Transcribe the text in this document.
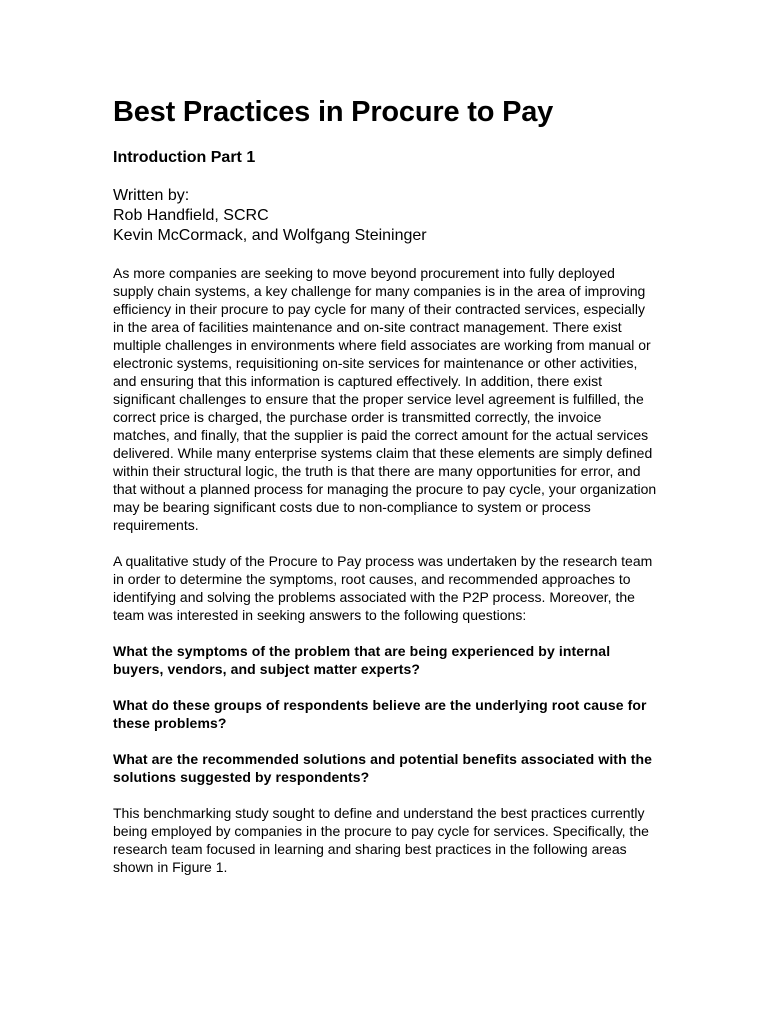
Best Practices in Procure to Pay
Introduction Part 1
Written by:
Rob Handfield, SCRC
Kevin McCormack, and Wolfgang Steininger

As more companies are seeking to move beyond procurement into fully deployed supply chain systems, a key challenge for many companies is in the area of improving efficiency in their procure to pay cycle for many of their contracted services, especially in the area of facilities maintenance and on-site contract management. There exist multiple challenges in environments where field associates are working from manual or electronic systems, requisitioning on-site services for maintenance or other activities, and ensuring that this information is captured effectively. In addition, there exist significant challenges to ensure that the proper service level agreement is fulfilled, the correct price is charged, the purchase order is transmitted correctly, the invoice matches, and finally, that the supplier is paid the correct amount for the actual services delivered. While many enterprise systems claim that these elements are simply defined within their structural logic, the truth is that there are many opportunities for error, and that without a planned process for managing the procure to pay cycle, your organization may be bearing significant costs due to non-compliance to system or process requirements.

A qualitative study of the Procure to Pay process was undertaken by the research team in order to determine the symptoms, root causes, and recommended approaches to identifying and solving the problems associated with the P2P process. Moreover, the team was interested in seeking answers to the following questions:

What the symptoms of the problem that are being experienced by internal buyers, vendors, and subject matter experts?

What do these groups of respondents believe are the underlying root cause for these problems?

What are the recommended solutions and potential benefits associated with the solutions suggested by respondents?

This benchmarking study sought to define and understand the best practices currently being employed by companies in the procure to pay cycle for services. Specifically, the research team focused in learning and sharing best practices in the following areas shown in Figure 1.
